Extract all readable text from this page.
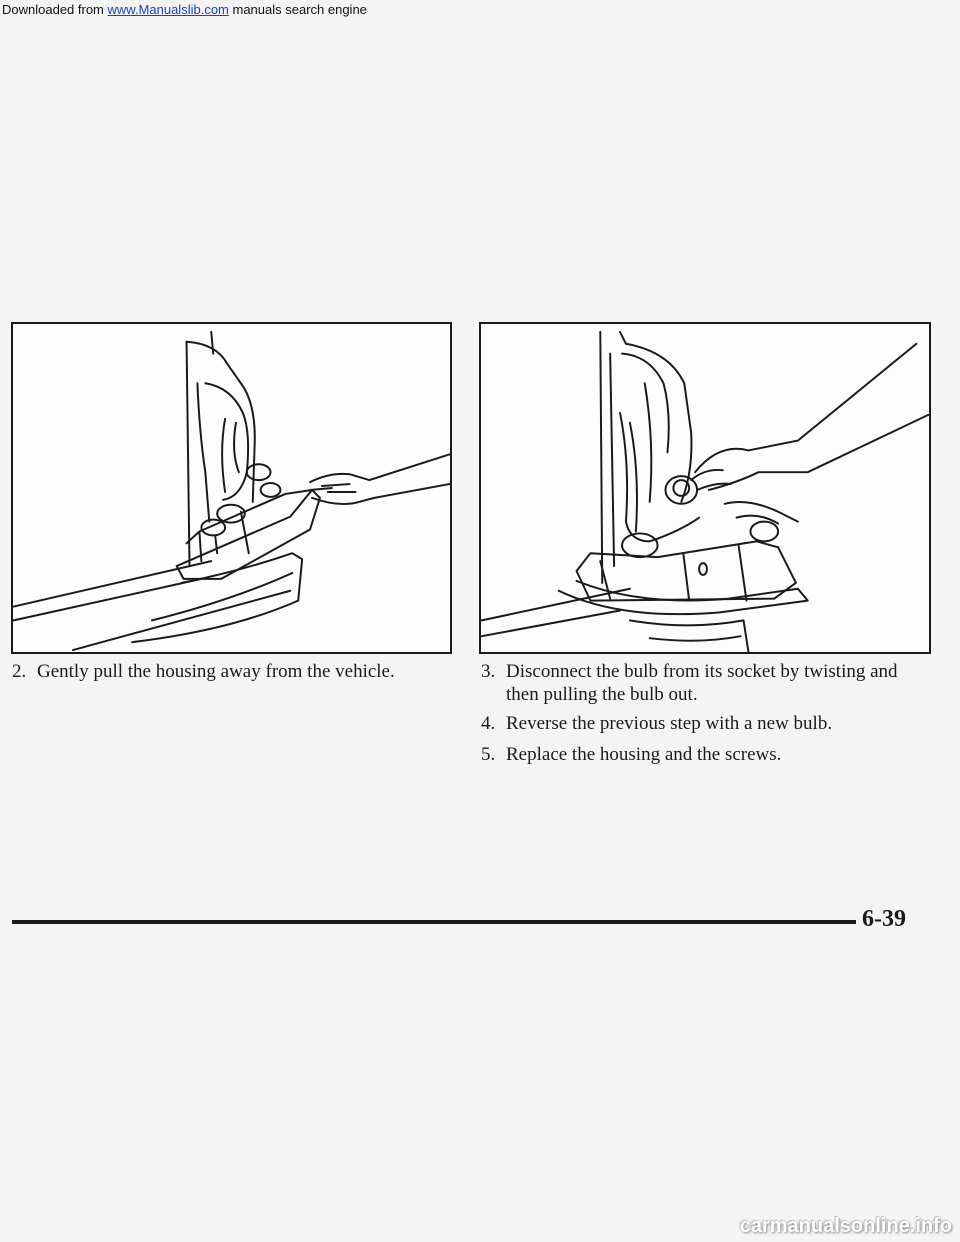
Downloaded from www.Manualslib.com manuals search engine
2. Gently pull the housing away from the vehicle.	3. Disconnect the bulb from its socket by twisting and then pulling the bulb out.
4. Reverse the previous step with a new bulb.
5. Replace the housing and the screws.
6-39
carmanualsonline.info
